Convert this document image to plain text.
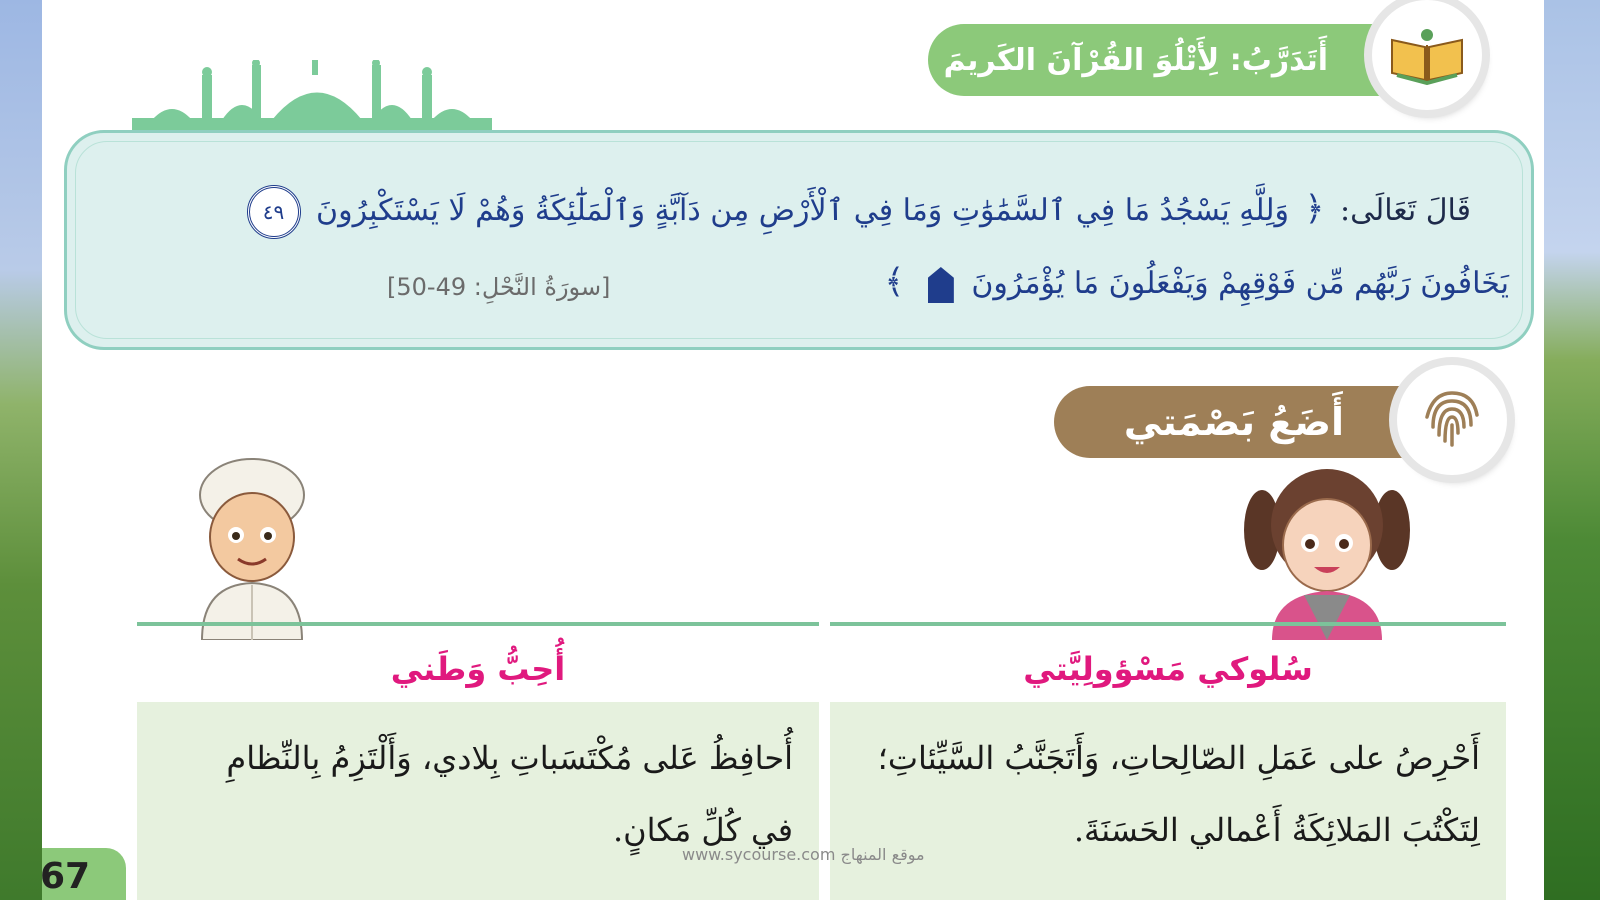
أَتَدَرَّبُ: لِأَتْلُوَ القُرْآنَ الكَريمَ
قَالَ تَعَالَى: ﴿ وَلِلَّهِ يَسْجُدُ مَا فِي ٱلسَّمَٰوَٰتِ وَمَا فِي ٱلْأَرْضِ مِن دَآبَّةٍ وَٱلْمَلَٰٓئِكَةُ وَهُمْ لَا يَسْتَكْبِرُونَ ٤٩
يَخَافُونَ رَبَّهُم مِّن فَوْقِهِمْ وَيَفْعَلُونَ مَا يُؤْمَرُونَ  ﴾
[سورَةُ النَّحْلِ: 49-50]
أَضَعُ بَصْمَتي
سُلوكي مَسْؤولِيَّتي
أَحْرِصُ على عَمَلِ الصّالِحاتِ، وَأَتَجَنَّبُ السَّيِّئاتِ؛
لِتَكْتُبَ المَلائِكَةُ أَعْمالي الحَسَنَةَ.
أُحِبُّ وَطَني
أُحافِظُ عَلى مُكْتَسَباتِ بِلادي، وَأَلْتَزِمُ بِالنِّظامِ
في كُلِّ مَكانٍ.
www.sycourse.com موقع المنهاج
67
